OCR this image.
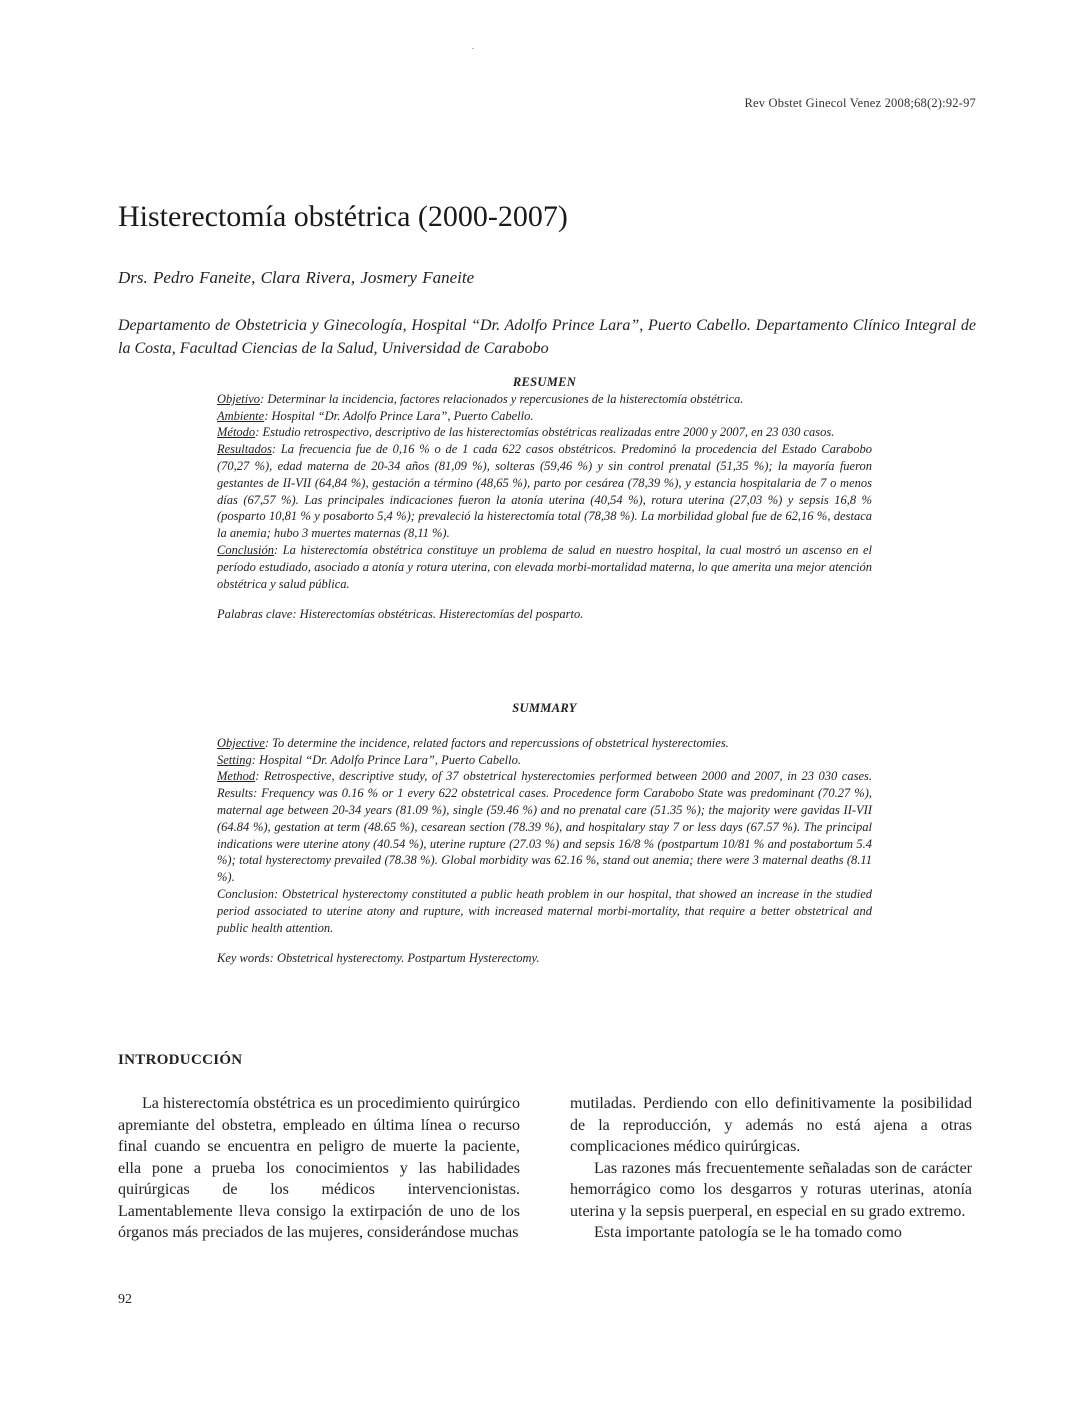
Rev Obstet Ginecol Venez 2008;68(2):92-97
Histerectomía obstétrica (2000-2007)
Drs. Pedro Faneite, Clara Rivera, Josmery Faneite

Departamento de Obstetricia y Ginecología, Hospital “Dr. Adolfo Prince Lara”, Puerto Cabello. Departamento Clínico Integral de la Costa, Facultad Ciencias de la Salud, Universidad de Carabobo

RESUMEN

Objetivo: Determinar la incidencia, factores relacionados y repercusiones de la histerectomía obstétrica.

Ambiente: Hospital “Dr. Adolfo Prince Lara”, Puerto Cabello.

Método: Estudio retrospectivo, descriptivo de las histerectomías obstétricas realizadas entre 2000 y 2007, en 23 030 casos.

Resultados: La frecuencia fue de 0,16 % o de 1 cada 622 casos obstétricos. Predominó la procedencia del Estado Carabobo (70,27 %), edad materna de 20-34 años (81,09 %), solteras (59,46 %) y sin control prenatal (51,35 %); la mayoría fueron gestantes de II-VII (64,84 %), gestación a término (48,65 %), parto por cesárea (78,39 %), y estancia hospitalaria de 7 o menos días (67,57 %). Las principales indicaciones fueron la atonía uterina (40,54 %), rotura uterina (27,03 %) y sepsis 16,8 % (posparto 10,81 % y posaborto 5,4 %); prevaleció la histerectomía total (78,38 %). La morbilidad global fue de 62,16 %, destaca la anemia; hubo 3 muertes maternas (8,11 %).

Conclusión: La histerectomía obstétrica constituye un problema de salud en nuestro hospital, la cual mostró un ascenso en el período estudiado, asociado a atonía y rotura uterina, con elevada morbi-mortalidad materna, lo que amerita una mejor atención obstétrica y salud pública.

Palabras clave: Histerectomías obstétricas. Histerectomías del posparto.

SUMMARY

Objective: To determine the incidence, related factors and repercussions of obstetrical hysterectomies.

Setting: Hospital “Dr. Adolfo Prince Lara”, Puerto Cabello.

Method: Retrospective, descriptive study, of 37 obstetrical hysterectomies performed between 2000 and 2007, in 23 030 cases. Results: Frequency was 0.16 % or 1 every 622 obstetrical cases. Procedence form Carabobo State was predominant (70.27 %), maternal age between 20-34 years (81.09 %), single (59.46 %) and no prenatal care (51.35 %); the majority were gavidas II-VII (64.84 %), gestation at term (48.65 %), cesarean section (78.39 %), and hospitalary stay 7 or less days (67.57 %). The principal indications were uterine atony (40.54 %), uterine rupture (27.03 %) and sepsis 16/8 % (postpartum 10/81 % and postabortum 5.4 %); total hysterectomy prevailed (78.38 %). Global morbidity was 62.16 %, stand out anemia; there were 3 maternal deaths (8.11 %).

Conclusion: Obstetrical hysterectomy constituted a public heath problem in our hospital, that showed an increase in the studied period associated to uterine atony and rupture, with increased maternal morbi-mortality, that require a better obstetrical and public health attention.

Key words: Obstetrical hysterectomy. Postpartum Hysterectomy.

INTRODUCCIÓN

La histerectomía obstétrica es un procedimiento quirúrgico apremiante del obstetra, empleado en última línea o recurso final cuando se encuentra en peligro de muerte la paciente, ella pone a prueba los conocimientos y las habilidades quirúrgicas de los médicos intervencionistas. Lamentablemente lleva consigo la extirpación de uno de los órganos más preciados de las mujeres, considerándose muchas

mutiladas. Perdiendo con ello definitivamente la posibilidad de la reproducción, y además no está ajena a otras complicaciones médico quirúrgicas.

Las razones más frecuentemente señaladas son de carácter hemorrágico como los desgarros y roturas uterinas, atonía uterina y la sepsis puerperal, en especial en su grado extremo.

Esta importante patología se le ha tomado como

92
